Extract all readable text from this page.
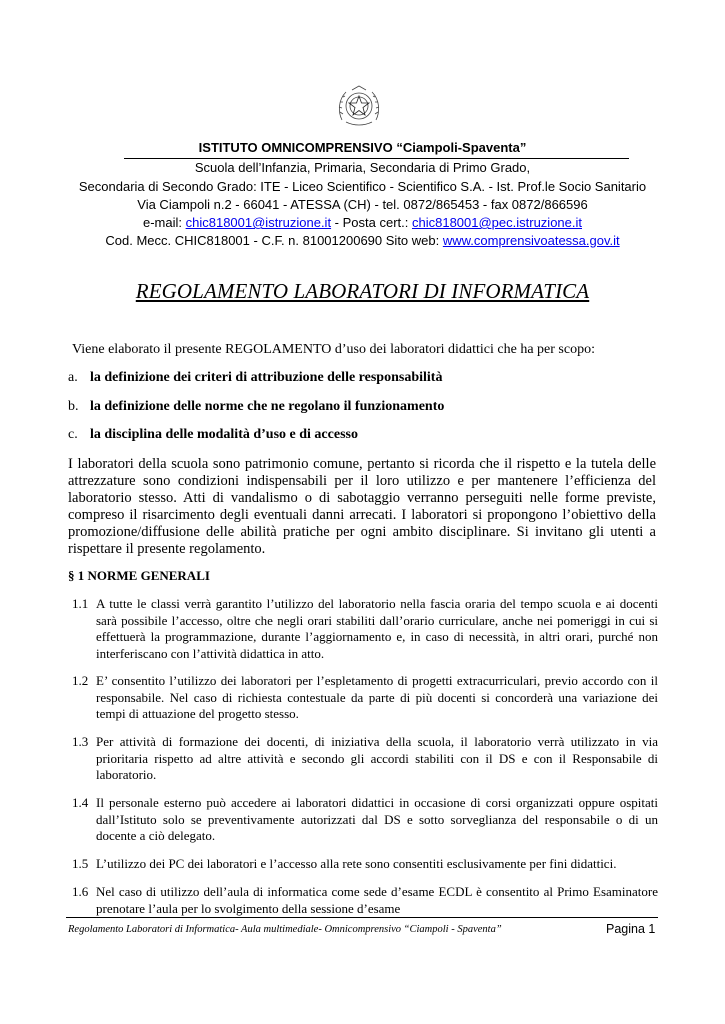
ISTITUTO OMNICOMPRENSIVO “Ciampoli-Spaventa”
Scuola dell’Infanzia, Primaria, Secondaria di Primo Grado,
Secondaria di Secondo Grado: ITE - Liceo Scientifico - Scientifico S.A. - Ist. Prof.le Socio Sanitario
Via Ciampoli n.2 - 66041 - ATESSA (CH) - tel. 0872/865453 - fax 0872/866596
e-mail: chic818001@istruzione.it - Posta cert.: chic818001@pec.istruzione.it
Cod. Mecc. CHIC818001 - C.F. n. 81001200690 Sito web: www.comprensivoatessa.gov.it
REGOLAMENTO LABORATORI DI INFORMATICA
Viene elaborato il presente REGOLAMENTO d’uso dei laboratori didattici che ha per scopo:
a. la definizione dei criteri di attribuzione delle responsabilità
b. la definizione delle norme che ne regolano il funzionamento
c. la disciplina delle modalità d’uso e di accesso
I laboratori della scuola sono patrimonio comune, pertanto si ricorda che il rispetto e la tutela delle attrezzature sono condizioni indispensabili per il loro utilizzo e per mantenere l’efficienza del laboratorio stesso. Atti di vandalismo o di sabotaggio verranno perseguiti nelle forme previste, compreso il risarcimento degli eventuali danni arrecati. I laboratori si propongono l’obiettivo della promozione/diffusione delle abilità pratiche per ogni ambito disciplinare. Si invitano gli utenti a rispettare il presente regolamento.
§ 1 NORME GENERALI
1.1 A tutte le classi verrà garantito l’utilizzo del laboratorio nella fascia oraria del tempo scuola e ai docenti sarà possibile l’accesso, oltre che negli orari stabiliti dall’orario curriculare, anche nei pomeriggi in cui si effettuerà la programmazione, durante l’aggiornamento e, in caso di necessità, in altri orari, purché non interferiscano con l’attività didattica in atto.
1.2 E’ consentito l’utilizzo dei laboratori per l’espletamento di progetti extracurriculari, previo accordo con il responsabile. Nel caso di richiesta contestuale da parte di più docenti si concorderà una variazione dei tempi di attuazione del progetto stesso.
1.3 Per attività di formazione dei docenti, di iniziativa della scuola, il laboratorio verrà utilizzato in via prioritaria rispetto ad altre attività e secondo gli accordi stabiliti con il DS e con il Responsabile di laboratorio.
1.4 Il personale esterno può accedere ai laboratori didattici in occasione di corsi organizzati oppure ospitati dall’Istituto solo se preventivamente autorizzati dal DS e sotto sorveglianza del responsabile o di un docente a ciò delegato.
1.5 L’utilizzo dei PC dei laboratori e l’accesso alla rete sono consentiti esclusivamente per fini didattici.
1.6 Nel caso di utilizzo dell’aula di informatica come sede d’esame ECDL è consentito al Primo Esaminatore prenotare l’aula per lo svolgimento della sessione d’esame
Regolamento Laboratori di Informatica- Aula multimediale- Omnicomprensivo “Ciampoli - Spaventa”	Pagina 1
